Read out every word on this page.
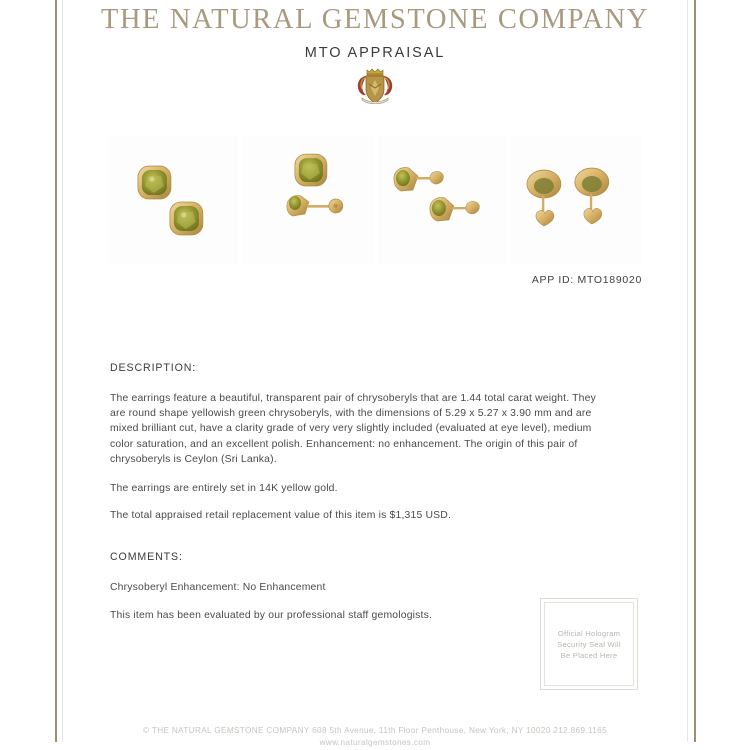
THE NATURAL GEMSTONE COMPANY
MTO APPRAISAL
APP ID: MTO189020
DESCRIPTION:

The earrings feature a beautiful, transparent pair of chrysoberyls that are 1.44 total carat weight. They are round shape yellowish green chrysoberyls, with the dimensions of 5.29 x 5.27 x 3.90 mm and are mixed brilliant cut, have a clarity grade of very very slightly included (evaluated at eye level), medium color saturation, and an excellent polish. Enhancement: no enhancement. The origin of this pair of chrysoberyls is Ceylon (Sri Lanka).

The earrings are entirely set in 14K yellow gold.

The total appraised retail replacement value of this item is $1,315 USD.

COMMENTS:

Chrysoberyl Enhancement: No Enhancement

This item has been evaluated by our professional staff gemologists.

Official Hologram
Security Seal Will
Be Placed Here
© THE NATURAL GEMSTONE COMPANY 608 5th Avenue, 11th Floor Penthouse, New York, NY 10020 212.869.1165
www.naturalgemstones.com
